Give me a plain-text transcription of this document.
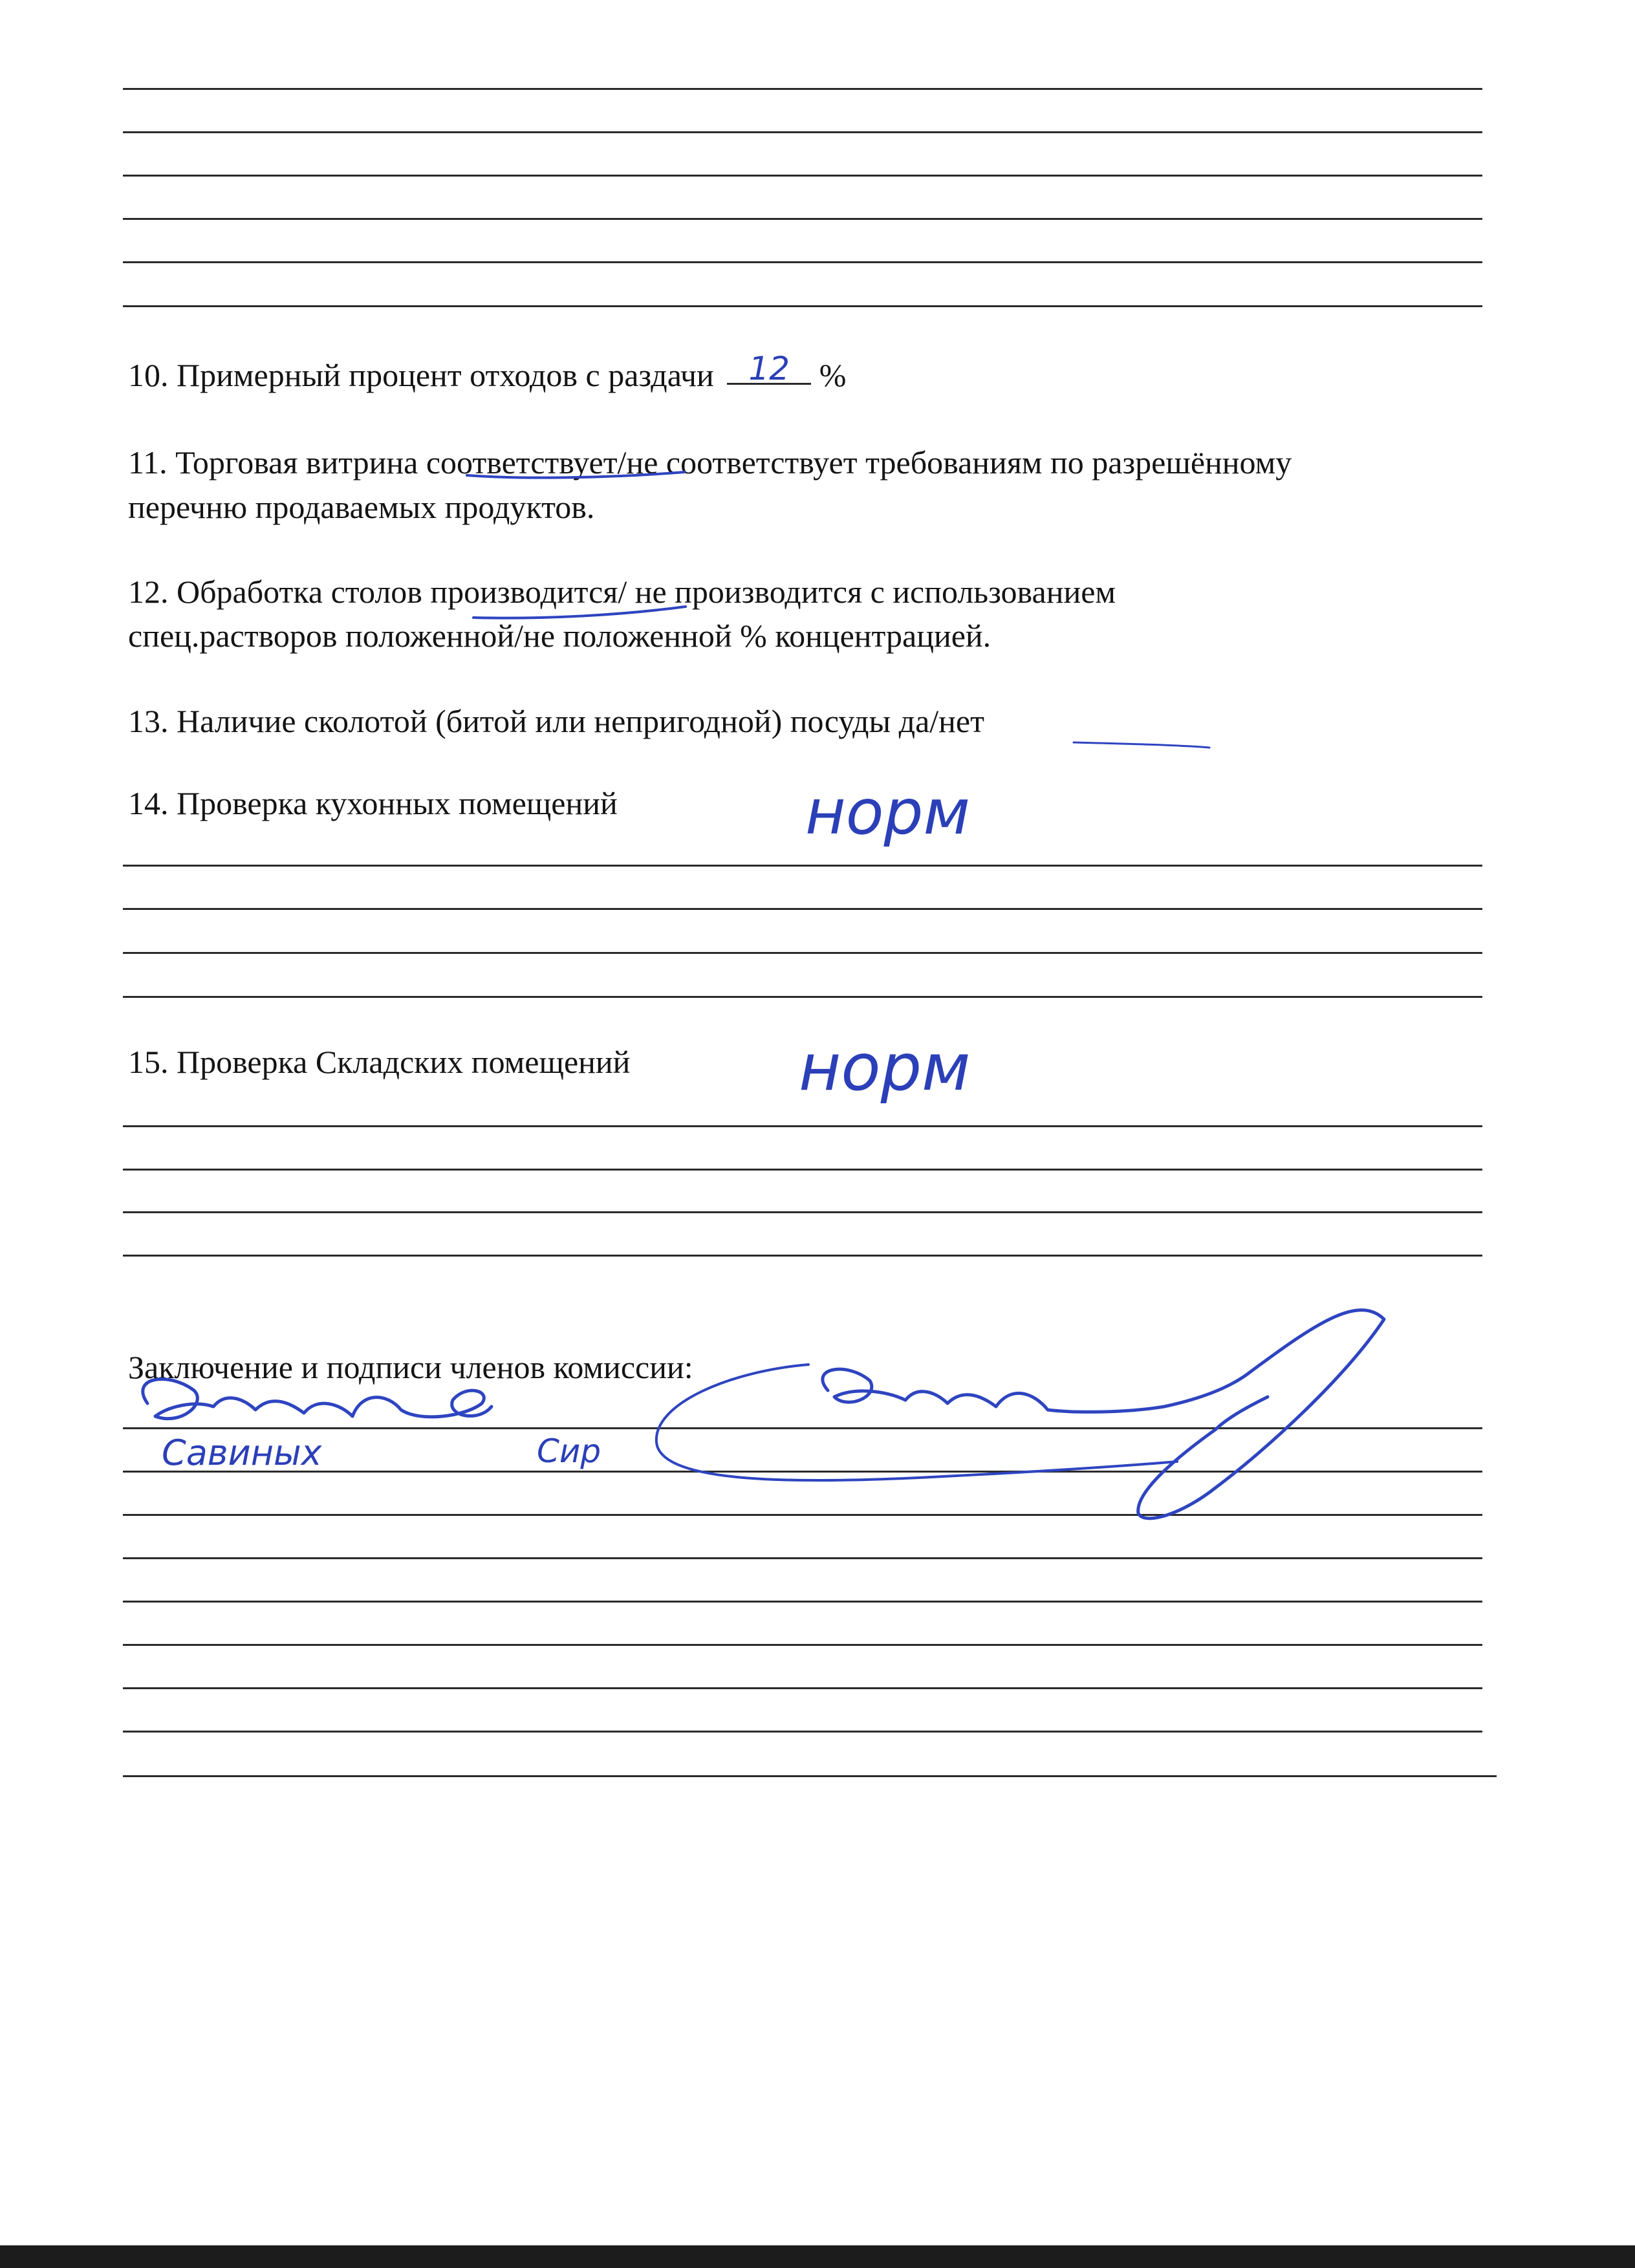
10. Примерный процент отходов с раздачи 12 %
11. Торговая витрина соответствует/не соответствует требованиям по разрешённому
перечню продаваемых продуктов.
12. Обработка столов производится/ не производится с использованием
спец.растворов положенной/не положенной % концентрацией.
13. Наличие сколотой (битой или непригодной) посуды да/нет
14. Проверка кухонных помещений	норм
15. Проверка Складских помещений	норм
Заключение и подписи членов комиссии:
Савиных	Сир
